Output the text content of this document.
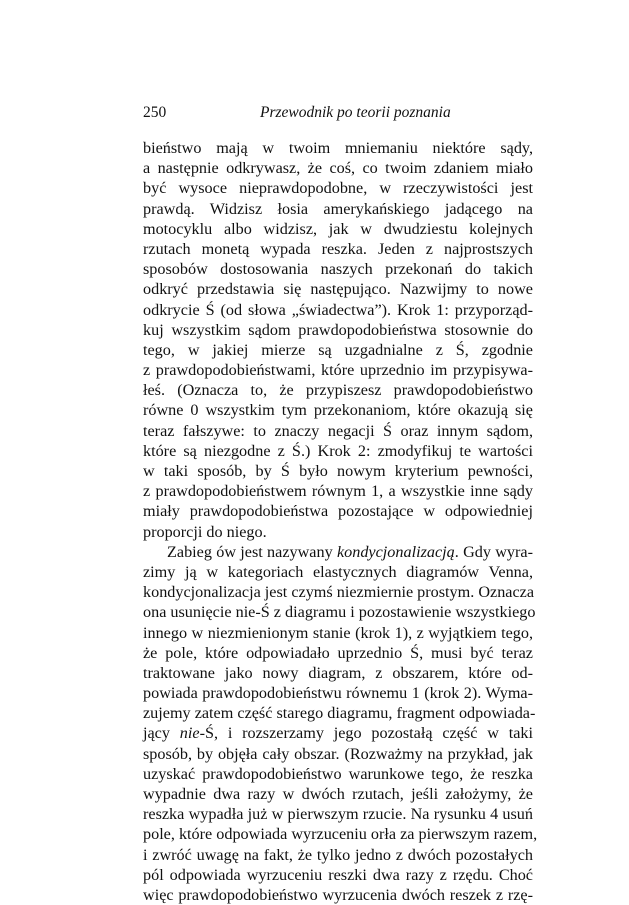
250	Przewodnik po teorii poznania
bieństwo mają w twoim mniemaniu niektóre sądy,
a następnie odkrywasz, że coś, co twoim zdaniem miało
być wysoce nieprawdopodobne, w rzeczywistości jest
prawdą. Widzisz łosia amerykańskiego jadącego na
motocyklu albo widzisz, jak w dwudziestu kolejnych
rzutach monetą wypada reszka. Jeden z najprostszych
sposobów dostosowania naszych przekonań do takich
odkryć przedstawia się następująco. Nazwijmy to nowe
odkrycie Ś (od słowa „świadectwa”). Krok 1: przyporząd-
kuj wszystkim sądom prawdopodobieństwa stosownie do
tego, w jakiej mierze są uzgadnialne z Ś, zgodnie
z prawdopodobieństwami, które uprzednio im przypisywa-
łeś. (Oznacza to, że przypiszesz prawdopodobieństwo
równe 0 wszystkim tym przekonaniom, które okazują się
teraz fałszywe: to znaczy negacji Ś oraz innym sądom,
które są niezgodne z Ś.) Krok 2: zmodyfikuj te wartości
w taki sposób, by Ś było nowym kryterium pewności,
z prawdopodobieństwem równym 1, a wszystkie inne sądy
miały prawdopodobieństwa pozostające w odpowiedniej
proporcji do niego.
Zabieg ów jest nazywany kondycjonalizacją. Gdy wyra-
zimy ją w kategoriach elastycznych diagramów Venna,
kondycjonalizacja jest czymś niezmiernie prostym. Oznacza
ona usunięcie nie-Ś z diagramu i pozostawienie wszystkiego
innego w niezmienionym stanie (krok 1), z wyjątkiem tego,
że pole, które odpowiadało uprzednio Ś, musi być teraz
traktowane jako nowy diagram, z obszarem, które od-
powiada prawdopodobieństwu równemu 1 (krok 2). Wyma-
zujemy zatem część starego diagramu, fragment odpowiada-
jący nie-Ś, i rozszerzamy jego pozostałą część w taki
sposób, by objęła cały obszar. (Rozważmy na przykład, jak
uzyskać prawdopodobieństwo warunkowe tego, że reszka
wypadnie dwa razy w dwóch rzutach, jeśli założymy, że
reszka wypadła już w pierwszym rzucie. Na rysunku 4 usuń
pole, które odpowiada wyrzuceniu orła za pierwszym razem,
i zwróć uwagę na fakt, że tylko jedno z dwóch pozostałych
pól odpowiada wyrzuceniu reszki dwa razy z rzędu. Choć
więc prawdopodobieństwo wyrzucenia dwóch reszek z rzę-
